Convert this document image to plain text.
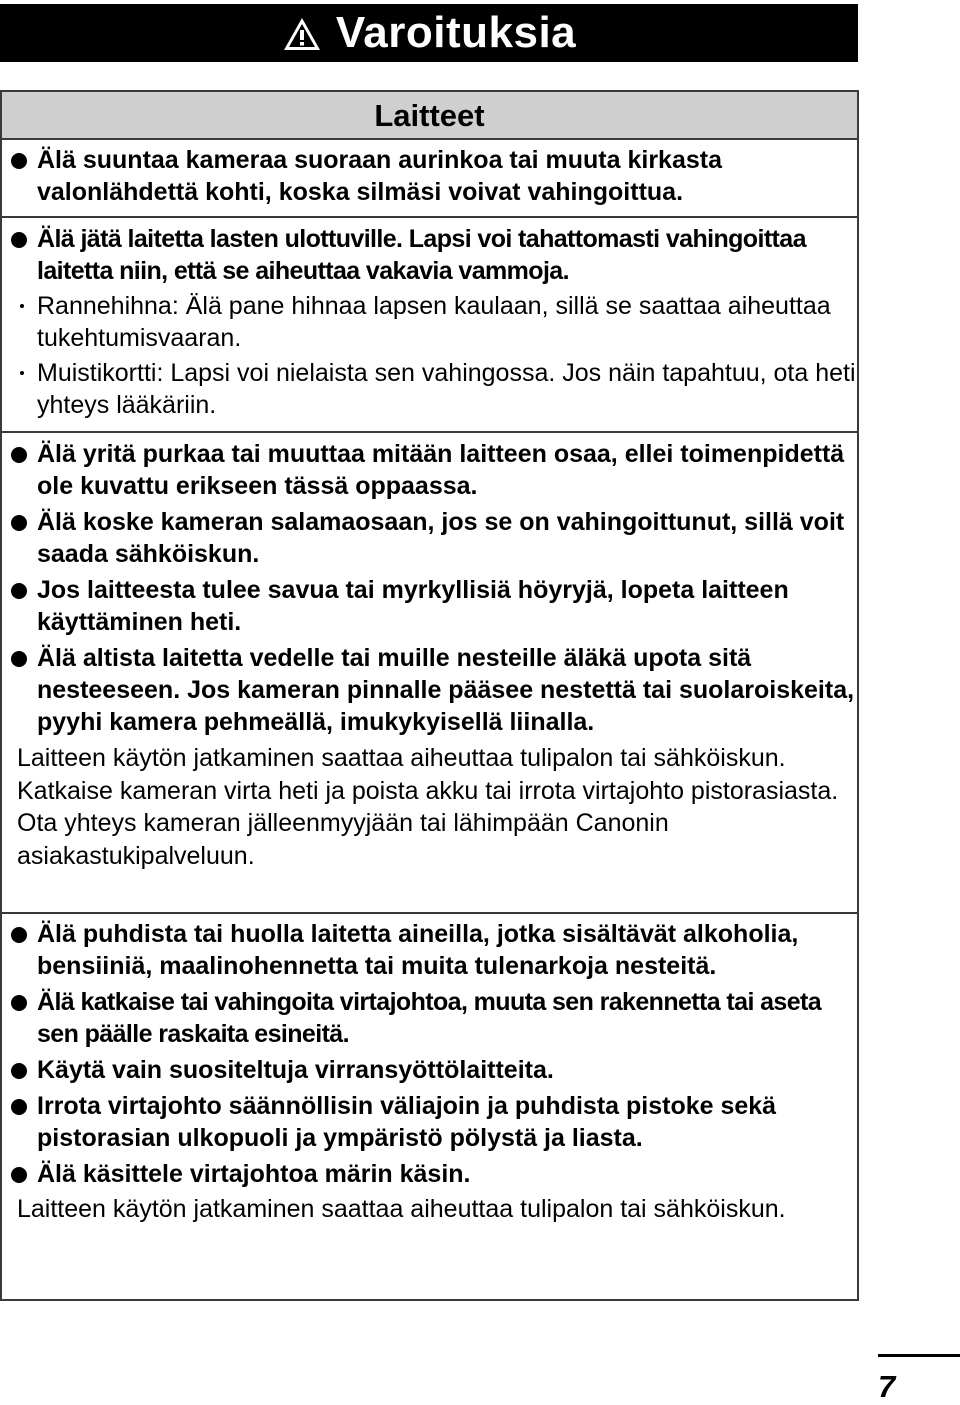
Varoituksia
Laitteet
Älä suuntaa kameraa suoraan aurinkoa tai muuta kirkasta valonlähdettä kohti, koska silmäsi voivat vahingoittua.
Älä jätä laitetta lasten ulottuville. Lapsi voi tahattomasti vahingoittaa laitetta niin, että se aiheuttaa vakavia vammoja.
Rannehihna: Älä pane hihnaa lapsen kaulaan, sillä se saattaa aiheuttaa tukehtumisvaaran.
Muistikortti: Lapsi voi nielaista sen vahingossa. Jos näin tapahtuu, ota heti yhteys lääkäriin.
Älä yritä purkaa tai muuttaa mitään laitteen osaa, ellei toimenpidettä ole kuvattu erikseen tässä oppaassa.
Älä koske kameran salamaosaan, jos se on vahingoittunut, sillä voit saada sähköiskun.
Jos laitteesta tulee savua tai myrkyllisiä höyryjä, lopeta laitteen käyttäminen heti.
Älä altista laitetta vedelle tai muille nesteille äläkä upota sitä nesteeseen. Jos kameran pinnalle pääsee nestettä tai suolaroiskeita, pyyhi kamera pehmeällä, imukykyisellä liinalla.
Laitteen käytön jatkaminen saattaa aiheuttaa tulipalon tai sähköiskun. Katkaise kameran virta heti ja poista akku tai irrota virtajohto pistorasiasta. Ota yhteys kameran jälleenmyyjään tai lähimpään Canonin asiakastukipalveluun.
Älä puhdista tai huolla laitetta aineilla, jotka sisältävät alkoholia, bensiiniä, maalinohennetta tai muita tulenarkoja nesteitä.
Älä katkaise tai vahingoita virtajohtoa, muuta sen rakennetta tai aseta sen päälle raskaita esineitä.
Käytä vain suositeltuja virransyöttölaitteita.
Irrota virtajohto säännöllisin väliajoin ja puhdista pistoke sekä pistorasian ulkopuoli ja ympäristö pölystä ja liasta.
Älä käsittele virtajohtoa märin käsin.
Laitteen käytön jatkaminen saattaa aiheuttaa tulipalon tai sähköiskun.
7
